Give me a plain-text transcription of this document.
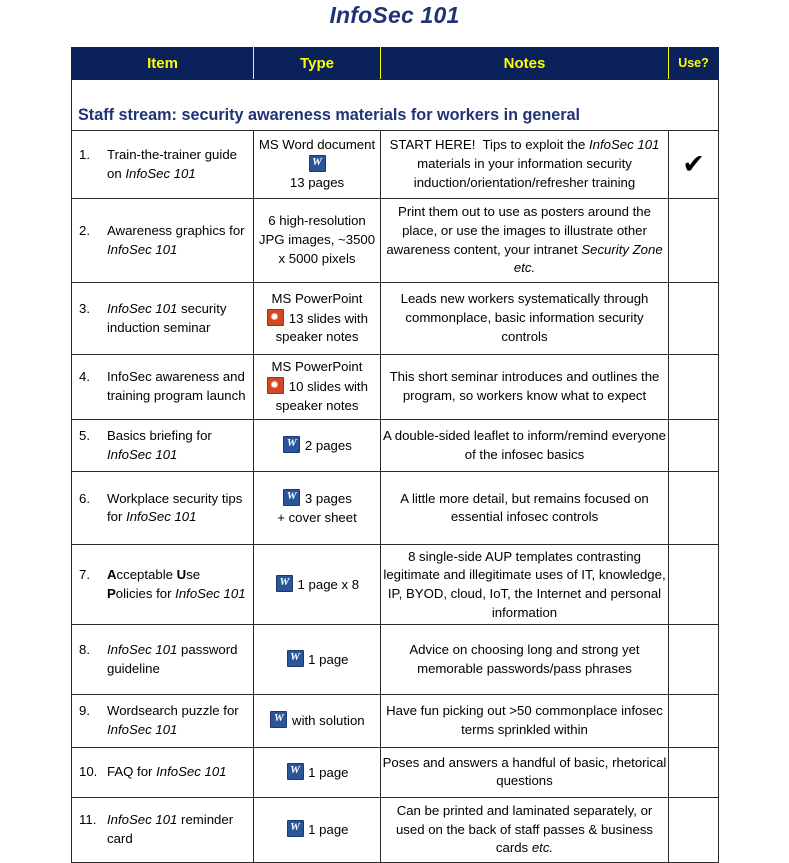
InfoSec 101
Item	Type	Notes	Use?
Staff stream: security awareness materials for workers in general			

1. Train-the-trainer guide on InfoSec 101	MS Word document W
13 pages	START HERE!  Tips to exploit the InfoSec 101 materials in your information security induction/orientation/refresher training	✔

2. Awareness graphics for InfoSec 101	6 high-resolution JPG images, ~3500 x 5000 pixels	Print them out to use as posters around the place, or use the images to illustrate other awareness content, your intranet Security Zone etc.	

3. InfoSec 101 security induction seminar	MS PowerPoint
13 slides with speaker notes	Leads new workers systematically through commonplace, basic information security controls	

4. InfoSec awareness and training program launch	MS PowerPoint
10 slides with speaker notes	This short seminar introduces and outlines the program, so workers know what to expect	

5. Basics briefing for InfoSec 101
	W 2 pages	A double-sided leaflet to inform/remind everyone of the infosec basics	

6. Workplace security tips for InfoSec 101
	W 3 pages
+ cover sheet	A little more detail, but remains focused on essential infosec controls	

7. Acceptable Use Policies for InfoSec 101
	W 1 page x 8	8 single-side AUP templates contrasting legitimate and illegitimate uses of IT, knowledge, IP, BYOD, cloud, IoT, the Internet and personal information	

8. InfoSec 101 password guideline
	W 1 page	Advice on choosing long and strong yet memorable passwords/pass phrases	

9. Wordsearch puzzle for InfoSec 101
	W with solution	Have fun picking out >50 commonplace infosec terms sprinkled within	

10. FAQ for InfoSec 101
	W 1 page	Poses and answers a handful of basic, rhetorical questions	

11. InfoSec 101 reminder card
	W 1 page	Can be printed and laminated separately, or used on the back of staff passes & business cards etc.	
